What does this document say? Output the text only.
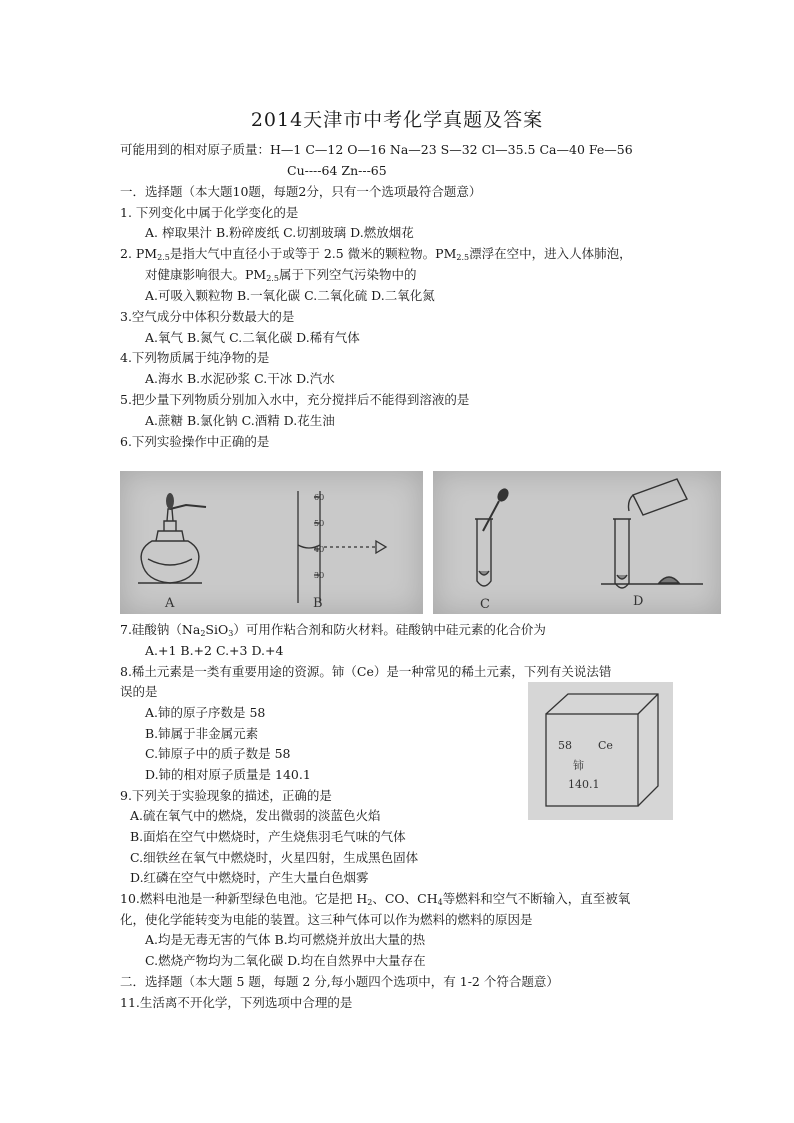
2014天津市中考化学真题及答案
可能用到的相对原子质量：H—1 C—12 O—16 Na—23 S—32 Cl—35.5 Ca—40 Fe—56
Cu----64 Zn---65
一．选择题（本大题10题，每题2分，只有一个选项最符合题意）
1. 下列变化中属于化学变化的是
A. 榨取果汁 B.粉碎废纸 C.切割玻璃 D.燃放烟花
2. $PM_{2.5}$是指大气中直径小于或等于 2.5 微米的颗粒物。$PM_{2.5}$漂浮在空中，进入人体肺泡，
对健康影响很大。$PM_{2.5}$属于下列空气污染物中的
A.可吸入颗粒物 B.一氧化碳 C.二氧化硫 D.二氧化氮
3.空气成分中体积分数最大的是
A.氧气 B.氮气 C.二氧化碳 D.稀有气体
4.下列物质属于纯净物的是
A.海水 B.水泥砂浆 C.干冰 D.汽水
5.把少量下列物质分别加入水中，充分搅拌后不能得到溶液的是
A.蔗糖 B.氯化钠 C.酒精 D.花生油
6.下列实验操作中正确的是
60
50
40
30
A	B	C	D
7.硅酸钠$(Na_2SiO_3)$可用作粘合剂和防火材料。硅酸钠中硅元素的化合价为
A.+1 B.+2 C.+3 D.+4
8.稀土元素是一类有重要用途的资源。铈（Ce）是一种常见的稀土元素，下列有关说法错
误的是
A.铈的原子序数是 58
B.铈属于非金属元素
C.铈原子中的质子数是 58
D.铈的相对原子质量是 140.1
58 Ce
铈
140.1
9.下列关于实验现象的描述，正确的是
A.硫在氧气中的燃烧，发出微弱的淡蓝色火焰
B.面焰在空气中燃烧时，产生烧焦羽毛气味的气体
C.细铁丝在氧气中燃烧时，火星四射，生成黑色固体
D.红磷在空气中燃烧时，产生大量白色烟雾
10.燃料电池是一种新型绿色电池。它是把 $H_2$、CO、$CH_4$等燃料和空气不断输入，直至被氧
化，使化学能转变为电能的装置。这三种气体可以作为燃料的燃料的原因是
A.均是无毒无害的气体 B.均可燃烧并放出大量的热
C.燃烧产物均为二氧化碳 D.均在自然界中大量存在
二．选择题（本大题 5 题，每题 2 分,每小题四个选项中，有 1-2 个符合题意）
11.生活离不开化学，下列选项中合理的是
